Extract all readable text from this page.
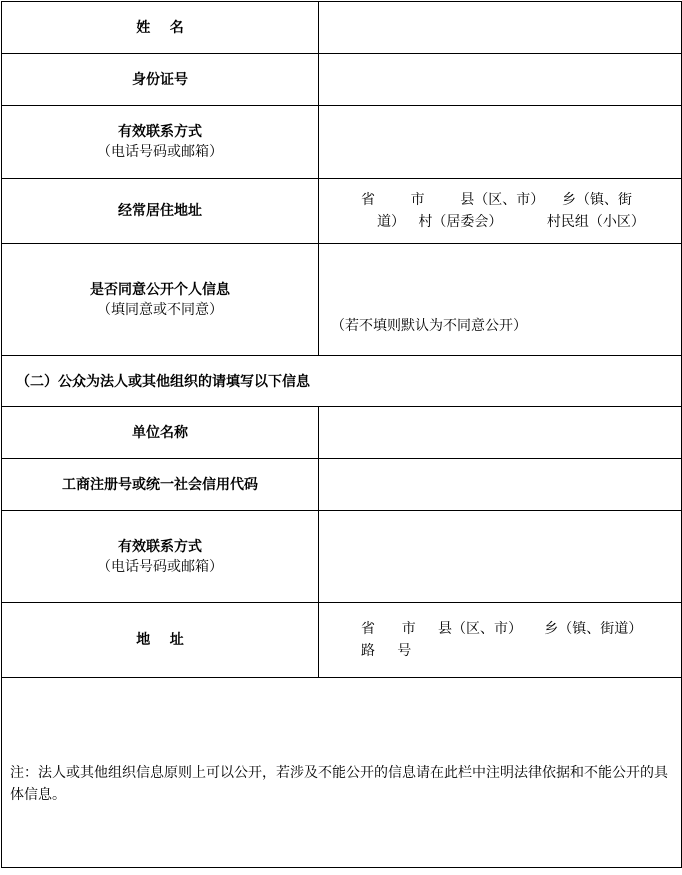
姓    名	
身份证号	
有效联系方式
（电话号码或邮箱）	

经常居住地址	省        市        县（区、市）    乡（镇、街
道）   村（居委会）          村民组（小区）

是否同意公开个人信息
（填同意或不同意）	（若不填则默认为不同意公开）

（二）公众为法人或其他组织的请填写以下信息	
单位名称	
工商注册号或统一社会信用代码	
有效联系方式
（电话号码或邮箱）	

地    址	省      市     县（区、市）     乡（镇、街道）
路     号

注：法人或其他组织信息原则上可以公开，若涉及不能公开的信息请在此栏中注明法律依据和不能公开的具体信息。	
